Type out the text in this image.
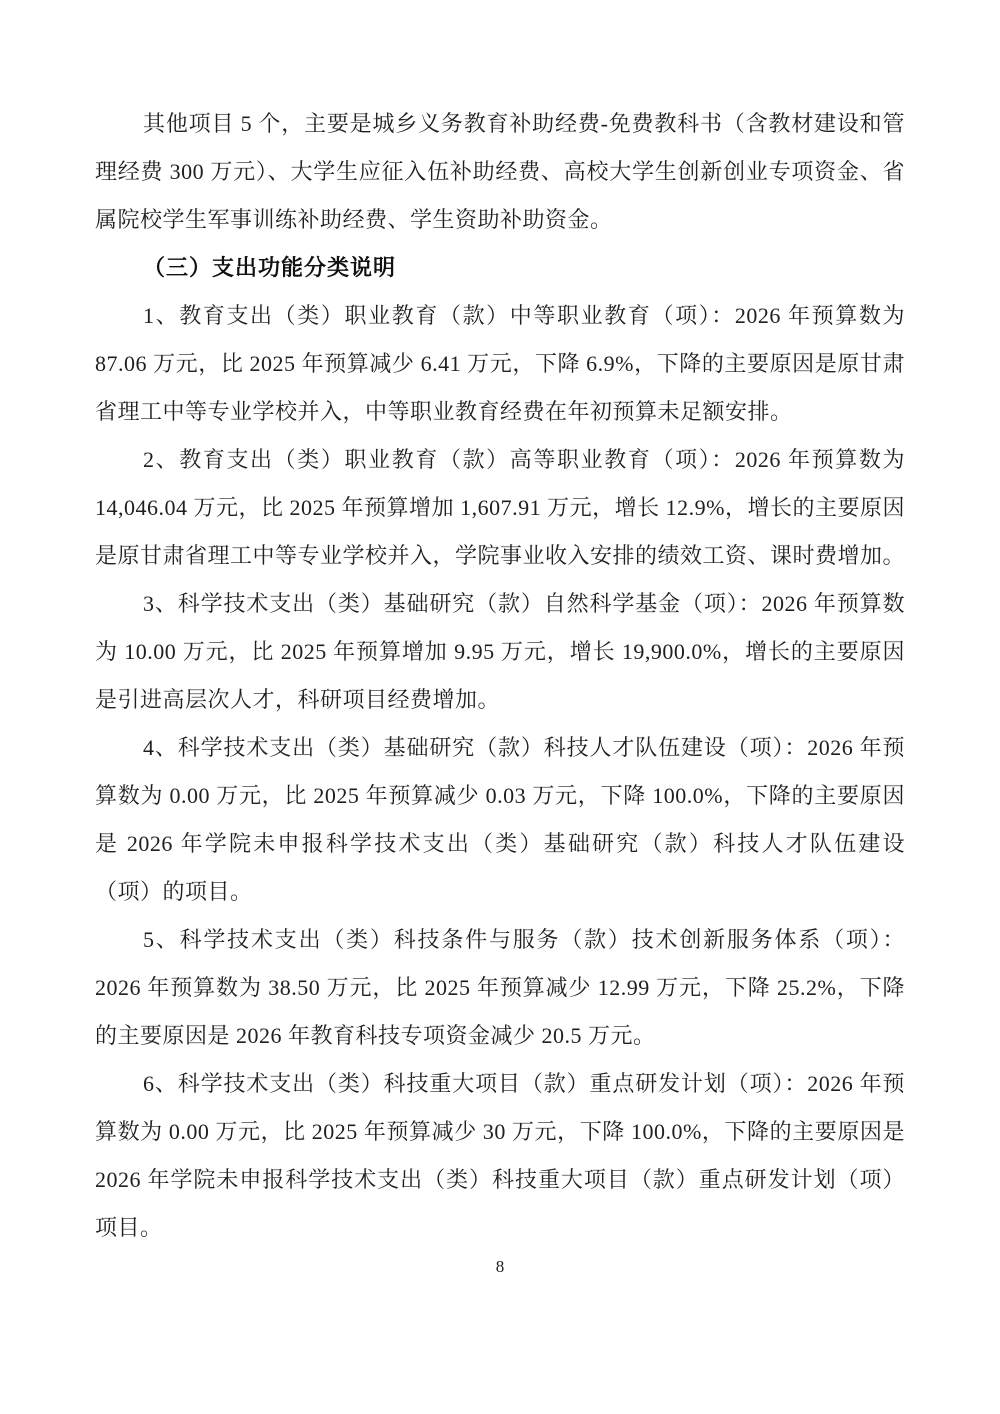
其他项目 5 个，主要是城乡义务教育补助经费-免费教科书（含教材建设和管理经费 300 万元）、大学生应征入伍补助经费、高校大学生创新创业专项资金、省属院校学生军事训练补助经费、学生资助补助资金。

（三）支出功能分类说明

1、教育支出（类）职业教育（款）中等职业教育（项）：2026 年预算数为 87.06 万元，比 2025 年预算减少 6.41 万元，下降 6.9%，下降的主要原因是原甘肃省理工中等专业学校并入，中等职业教育经费在年初预算未足额安排。

2、教育支出（类）职业教育（款）高等职业教育（项）：2026 年预算数为 14,046.04 万元，比 2025 年预算增加 1,607.91 万元，增长 12.9%，增长的主要原因是原甘肃省理工中等专业学校并入，学院事业收入安排的绩效工资、课时费增加。

3、科学技术支出（类）基础研究（款）自然科学基金（项）：2026 年预算数为 10.00 万元，比 2025 年预算增加 9.95 万元，增长 19,900.0%，增长的主要原因是引进高层次人才，科研项目经费增加。

4、科学技术支出（类）基础研究（款）科技人才队伍建设（项）：2026 年预算数为 0.00 万元，比 2025 年预算减少 0.03 万元，下降 100.0%，下降的主要原因是 2026 年学院未申报科学技术支出（类）基础研究（款）科技人才队伍建设（项）的项目。

5、科学技术支出（类）科技条件与服务（款）技术创新服务体系（项）：2026 年预算数为 38.50 万元，比 2025 年预算减少 12.99 万元，下降 25.2%，下降的主要原因是 2026 年教育科技专项资金减少 20.5 万元。

6、科学技术支出（类）科技重大项目（款）重点研发计划（项）：2026 年预算数为 0.00 万元，比 2025 年预算减少 30 万元，下降 100.0%，下降的主要原因是 2026 年学院未申报科学技术支出（类）科技重大项目（款）重点研发计划（项）项目。

8
